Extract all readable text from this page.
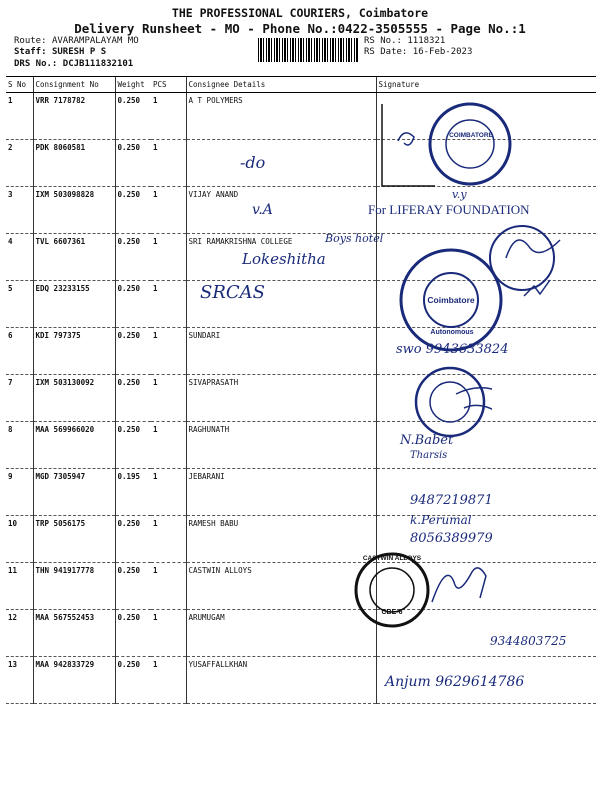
THE PROFESSIONAL COURIERS, Coimbatore
Delivery Runsheet - MO - Phone No.:0422-3505555 - Page No.:1
Route: AVARAMPALAYAM MO
Staff: SURESH P S
DRS No.: DCJB111832101
RS No.: 1118321
RS Date: 16-Feb-2023
S No	Consignment No	Weight	PCS	Consignee Details	Signature
1	VRR 7178782	0.250	1	A T POLYMERS	
2	PDK 8060581	0.250	1		
3	IXM 503098828	0.250	1	VIJAY ANAND	
4	TVL 6607361	0.250	1	SRI RAMAKRISHNA COLLEGE	
5	EDQ 23233155	0.250	1		
6	KDI 797375	0.250	1	SUNDARI	
7	IXM 503130092	0.250	1	SIVAPRASATH	
8	MAA 569966020	0.250	1	RAGHUNATH	
9	MGD 7305947	0.195	1	JEBARANI	
10	TRP 5056175	0.250	1	RAMESH BABU	
11	THN 941917778	0.250	1	CASTWIN ALLOYS	
12	MAA 567552453	0.250	1	ARUMUGAM	
13	MAA 942833729	0.250	1	YUSAFFALLKHAN	
COIMBATORE
-do
v.A
v.y
For LIFERAY FOUNDATION
Boys hotel
Lokeshitha
SRCAS	Coimbatore
Autonomous
swo 9943633824
N.Babet
Tharsis
9487219871
k.Perumal
8056389979
CASTWIN ALLOYS
CBE-6
9344803725
Anjum 9629614786
